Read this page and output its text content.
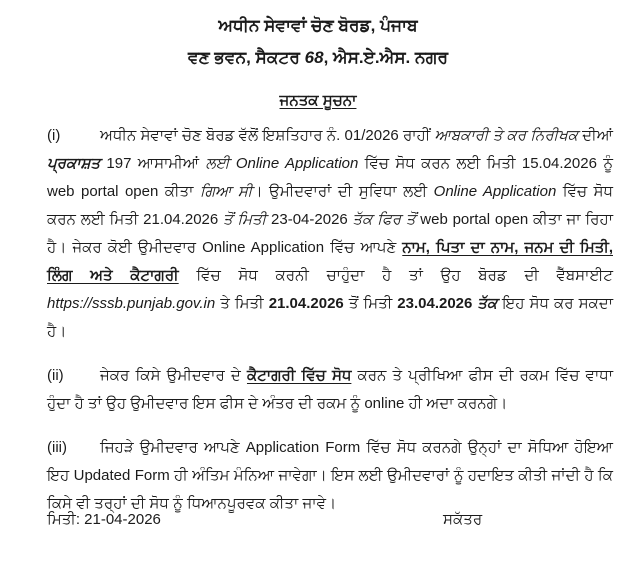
ਅਧੀਨ ਸੇਵਾਵਾਂ ਚੋਣ ਬੋਰਡ, ਪੰਜਾਬ
ਵਣ ਭਵਨ, ਸੈਕਟਰ 68, ਐਸ.ਏ.ਐਸ. ਨਗਰ
ਜਨਤਕ ਸੂਚਨਾ

(i)	ਅਧੀਨ ਸੇਵਾਵਾਂ ਚੋਣ ਬੋਰਡ ਵੱਲੋਂ ਇਸ਼ਤਿਹਾਰ ਨੰ. 01/2026 ਰਾਹੀਂ ਆਬਕਾਰੀ ਤੇ ਕਰ ਨਿਰੀਖਕ ਦੀਆਂ ਪ੍ਰਕਾਸ਼ਤ 197 ਆਸਾਮੀਆਂ ਲਈ Online Application ਵਿੱਚ ਸੋਧ ਕਰਨ ਲਈ ਮਿਤੀ 15.04.2026 ਨੂੰ web portal open ਕੀਤਾ ਗਿਆ ਸੀ। ਉਮੀਦਵਾਰਾਂ ਦੀ ਸੁਵਿਧਾ ਲਈ Online Application ਵਿੱਚ ਸੋਧ ਕਰਨ ਲਈ ਮਿਤੀ 21.04.2026 ਤੋਂ ਮਿਤੀ 23-04-2026 ਤੱਕ ਫਿਰ ਤੋਂ web portal open ਕੀਤਾ ਜਾ ਰਿਹਾ ਹੈ। ਜੇਕਰ ਕੋਈ ਉਮੀਦਵਾਰ Online Application ਵਿੱਚ ਆਪਣੇ ਨਾਮ, ਪਿਤਾ ਦਾ ਨਾਮ, ਜਨਮ ਦੀ ਮਿਤੀ, ਲਿੰਗ ਅਤੇ ਕੈਟਾਗਰੀ ਵਿੱਚ ਸੋਧ ਕਰਨੀ ਚਾਹੁੰਦਾ ਹੈ ਤਾਂ ਉਹ ਬੋਰਡ ਦੀ ਵੈੱਬਸਾਈਟ https://sssb.punjab.gov.in ਤੇ ਮਿਤੀ 21.04.2026 ਤੋਂ ਮਿਤੀ 23.04.2026 ਤੱਕ ਇਹ ਸੋਧ ਕਰ ਸਕਦਾ ਹੈ।

(ii) ਜੇਕਰ ਕਿਸੇ ਉਮੀਦਵਾਰ ਦੇ ਕੈਟਾਗਰੀ ਵਿੱਚ ਸੋਧ ਕਰਨ ਤੇ ਪ੍ਰੀਖਿਆ ਫੀਸ ਦੀ ਰਕਮ ਵਿੱਚ ਵਾਧਾ ਹੁੰਦਾ ਹੈ ਤਾਂ ਉਹ ਉਮੀਦਵਾਰ ਇਸ ਫੀਸ ਦੇ ਅੰਤਰ ਦੀ ਰਕਮ ਨੂੰ online ਹੀ ਅਦਾ ਕਰਨਗੇ।

(iii) ਜਿਹੜੇ ਉਮੀਦਵਾਰ ਆਪਣੇ Application Form ਵਿੱਚ ਸੋਧ ਕਰਨਗੇ ਉਨ੍ਹਾਂ ਦਾ ਸੋਧਿਆ ਹੋਇਆ ਇਹ Updated Form ਹੀ ਅੰਤਿਮ ਮੰਨਿਆ ਜਾਵੇਗਾ। ਇਸ ਲਈ ਉਮੀਦਵਾਰਾਂ ਨੂੰ ਹਦਾਇਤ ਕੀਤੀ ਜਾਂਦੀ ਹੈ ਕਿ ਕਿਸੇ ਵੀ ਤਰ੍ਹਾਂ ਦੀ ਸੋਧ ਨੂੰ ਧਿਆਨਪੂਰਵਕ ਕੀਤਾ ਜਾਵੇ।

ਮਿਤੀ: 21-04-2026	ਸਕੱਤਰ
